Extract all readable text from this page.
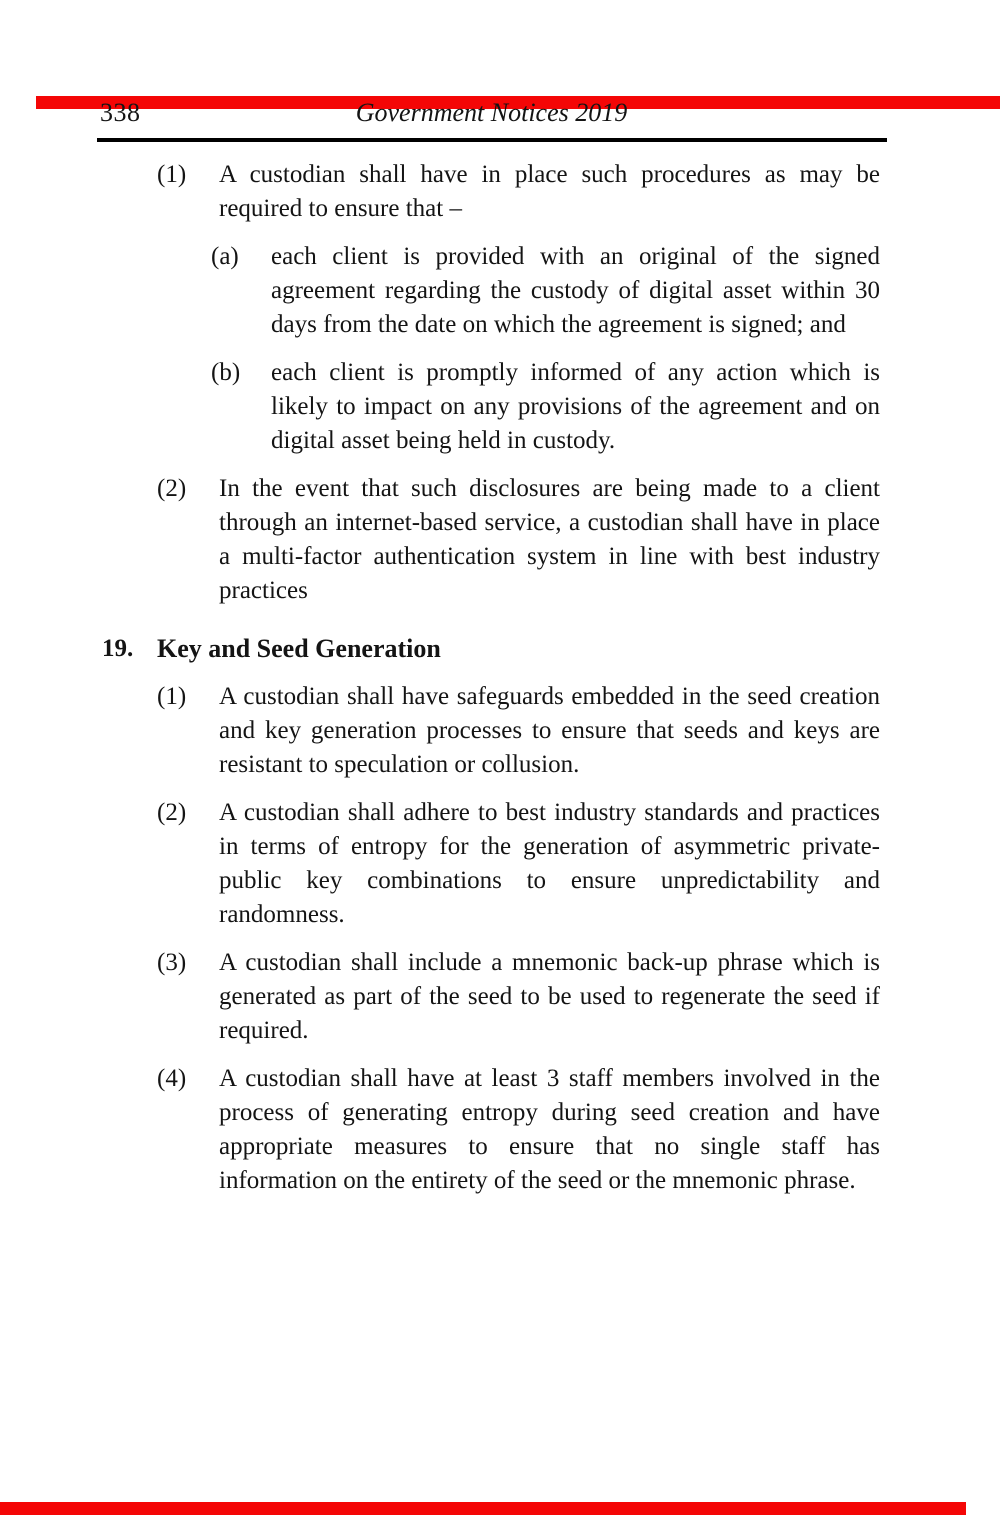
338	Government Notices 2019
(1)	A custodian shall have in place such procedures as may be required to ensure that –

(a)	each client is provided with an original of the signed agreement regarding the custody of digital asset within 30 days from the date on which the agreement is signed; and

(b)	each client is promptly informed of any action which is likely to impact on any provisions of the agreement and on digital asset being held in custody.

(2)	In the event that such disclosures are being made to a client through an internet-based service, a custodian shall have in place a multi-factor authentication system in line with best industry practices

19. Key and Seed Generation
(1)	A custodian shall have safeguards embedded in the seed creation and key generation processes to ensure that seeds and keys are resistant to speculation or collusion.

(2)	A custodian shall adhere to best industry standards and practices in terms of entropy for the generation of asymmetric private-public key combinations to ensure unpredictability and randomness.

(3)	A custodian shall include a mnemonic back-up phrase which is generated as part of the seed to be used to regenerate the seed if required.

(4)	A custodian shall have at least 3 staff members involved in the process of generating entropy during seed creation and have appropriate measures to ensure that no single staff has information on the entirety of the seed or the mnemonic phrase.
